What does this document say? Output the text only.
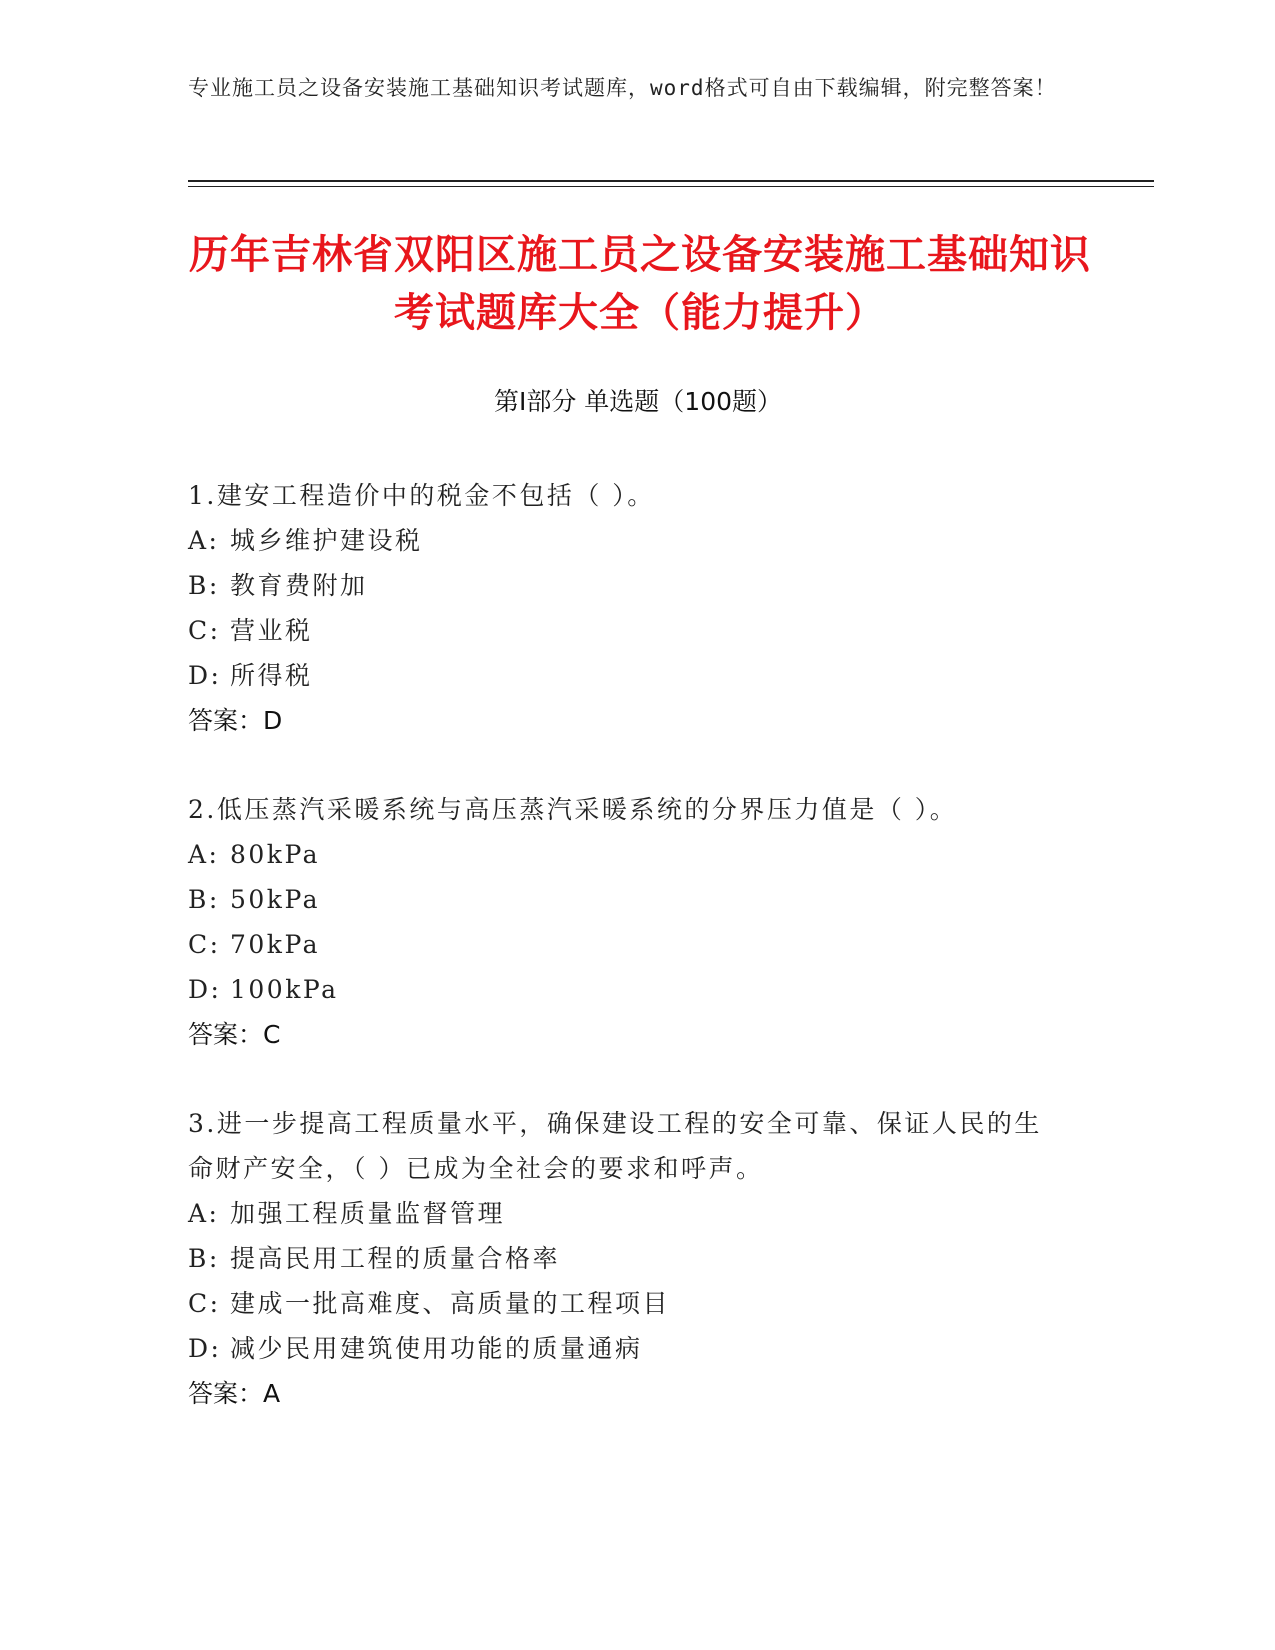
专业施工员之设备安装施工基础知识考试题库，word格式可自由下载编辑，附完整答案！
历年吉林省双阳区施工员之设备安装施工基础知识考试题库大全（能力提升）
第Ⅰ部分 单选题（100题）
1.建安工程造价中的税金不包括（ ）。
A: 城乡维护建设税
B: 教育费附加
C: 营业税
D: 所得税
答案：D
2.低压蒸汽采暖系统与高压蒸汽采暖系统的分界压力值是（ ）。
A: 80kPa
B: 50kPa
C: 70kPa
D: 100kPa
答案：C
3.进一步提高工程质量水平，确保建设工程的安全可靠、保证人民的生命财产安全，（ ）已成为全社会的要求和呼声。
A: 加强工程质量监督管理
B: 提高民用工程的质量合格率
C: 建成一批高难度、高质量的工程项目
D: 减少民用建筑使用功能的质量通病
答案：A
